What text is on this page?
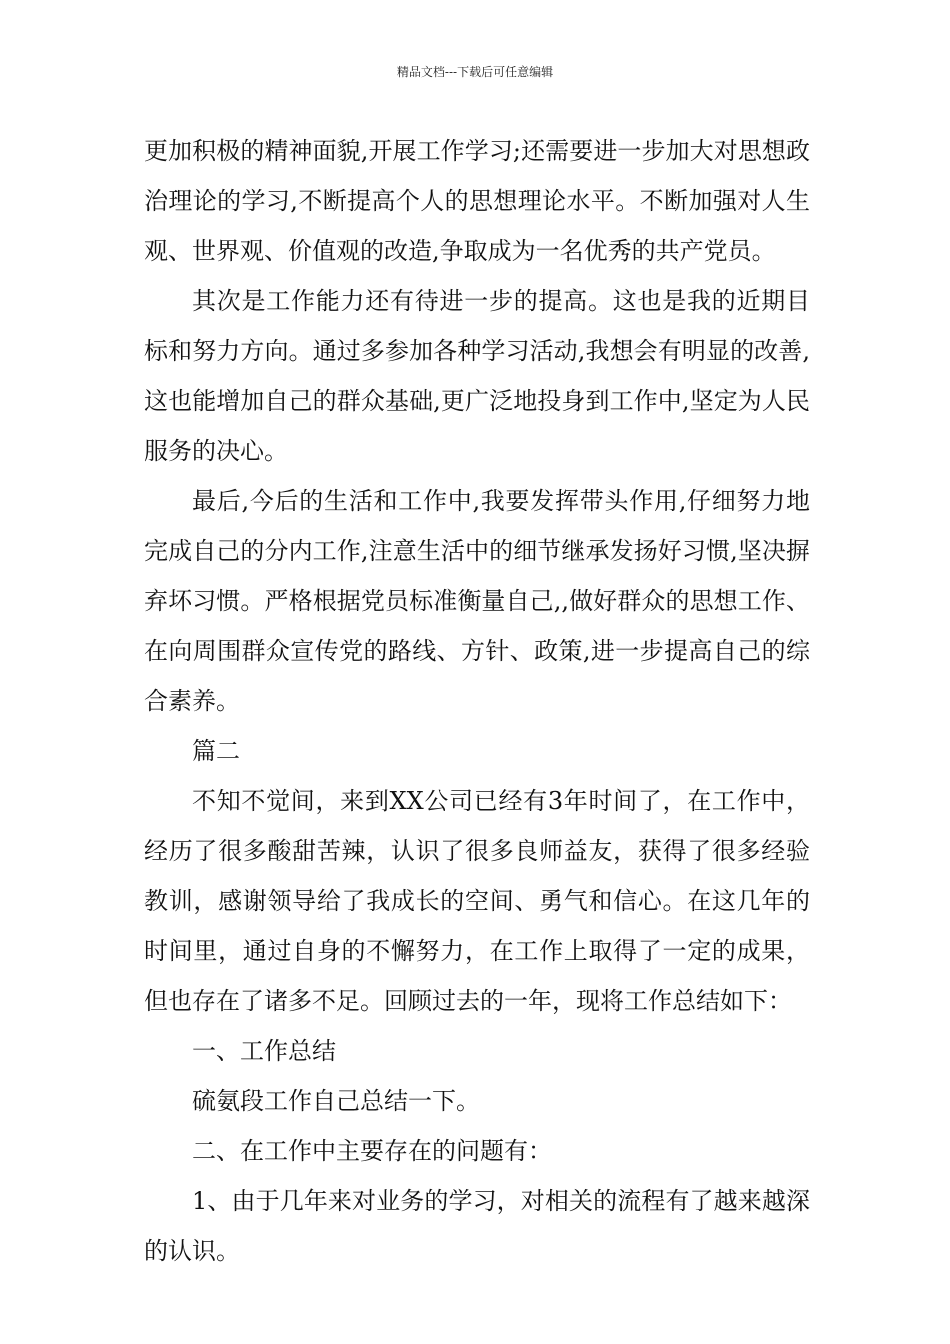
精品文档---下载后可任意编辑

更加积极的精神面貌,开展工作学习;还需要进一步加大对思想政治理论的学习,不断提高个人的思想理论水平。不断加强对人生观、世界观、价值观的改造,争取成为一名优秀的共产党员。

其次是工作能力还有待进一步的提高。这也是我的近期目标和努力方向。通过多参加各种学习活动,我想会有明显的改善,这也能增加自己的群众基础,更广泛地投身到工作中,坚定为人民服务的决心。

最后,今后的生活和工作中,我要发挥带头作用,仔细努力地完成自己的分内工作,注意生活中的细节继承发扬好习惯,坚决摒弃坏习惯。严格根据党员标准衡量自己,,做好群众的思想工作、在向周围群众宣传党的路线、方针、政策,进一步提高自己的综合素养。

篇二

不知不觉间，来到XX公司已经有3年时间了，在工作中，经历了很多酸甜苦辣，认识了很多良师益友，获得了很多经验教训，感谢领导给了我成长的空间、勇气和信心。在这几年的时间里，通过自身的不懈努力，在工作上取得了一定的成果，但也存在了诸多不足。回顾过去的一年，现将工作总结如下：

一、工作总结

硫氨段工作自己总结一下。

二、在工作中主要存在的问题有：

1、由于几年来对业务的学习，对相关的流程有了越来越深的认识。
